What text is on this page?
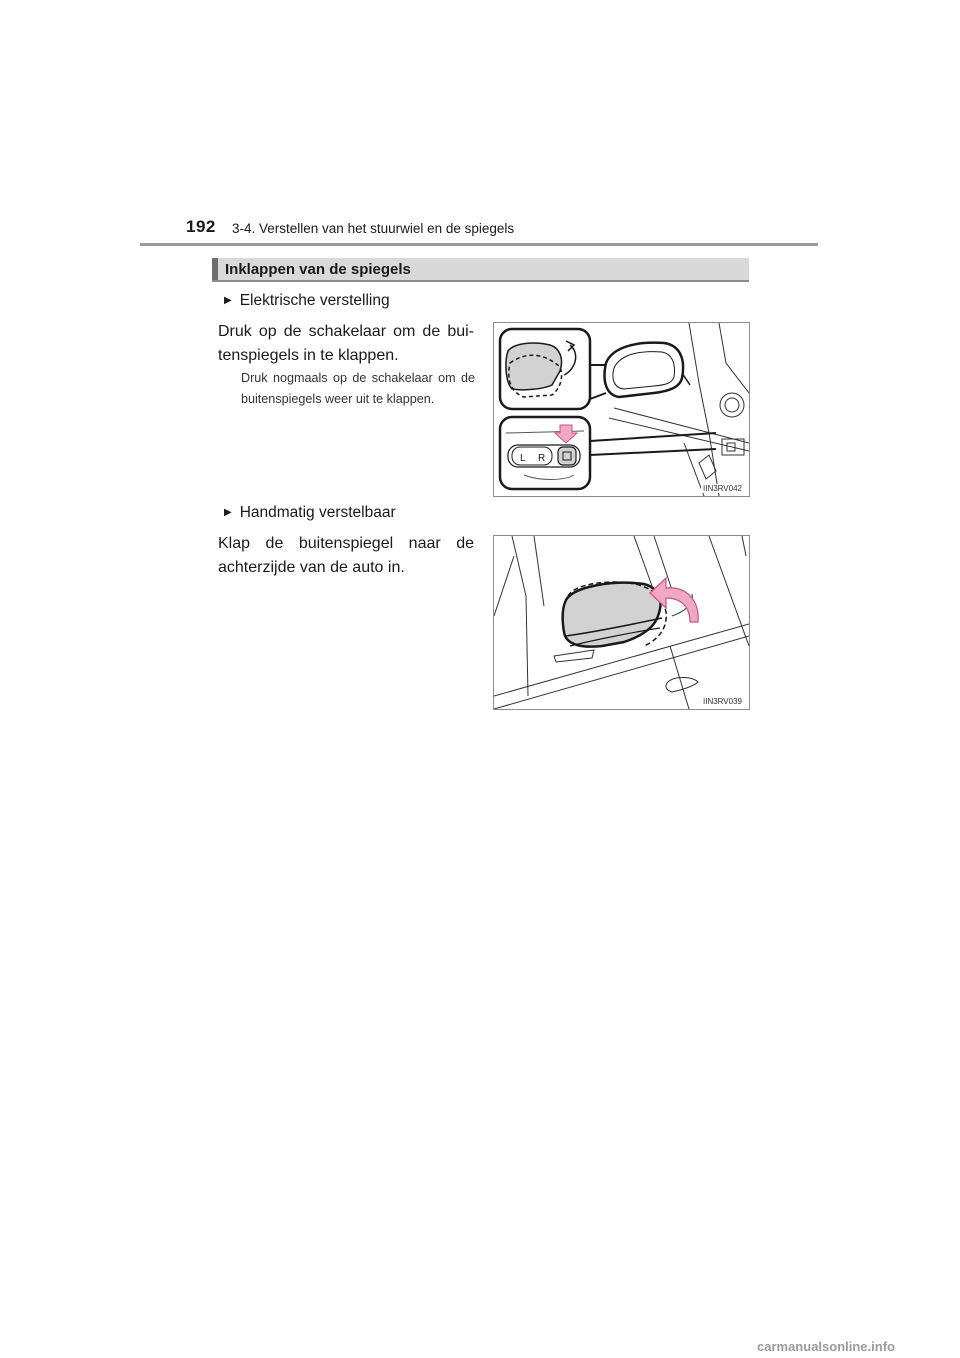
192 3-4. Verstellen van het stuurwiel en de spiegels
Inklappen van de spiegels
▶ Elektrische verstelling
Druk op de schakelaar om de bui- tenspiegels in te klappen.
Druk nogmaals op de schakelaar om de buitenspiegels weer uit te klappen.
L R
IIN3RV042
▶ Handmatig verstelbaar
Klap de buitenspiegel naar de achterzijde van de auto in.
IIN3RV039
carmanualsonline.info
